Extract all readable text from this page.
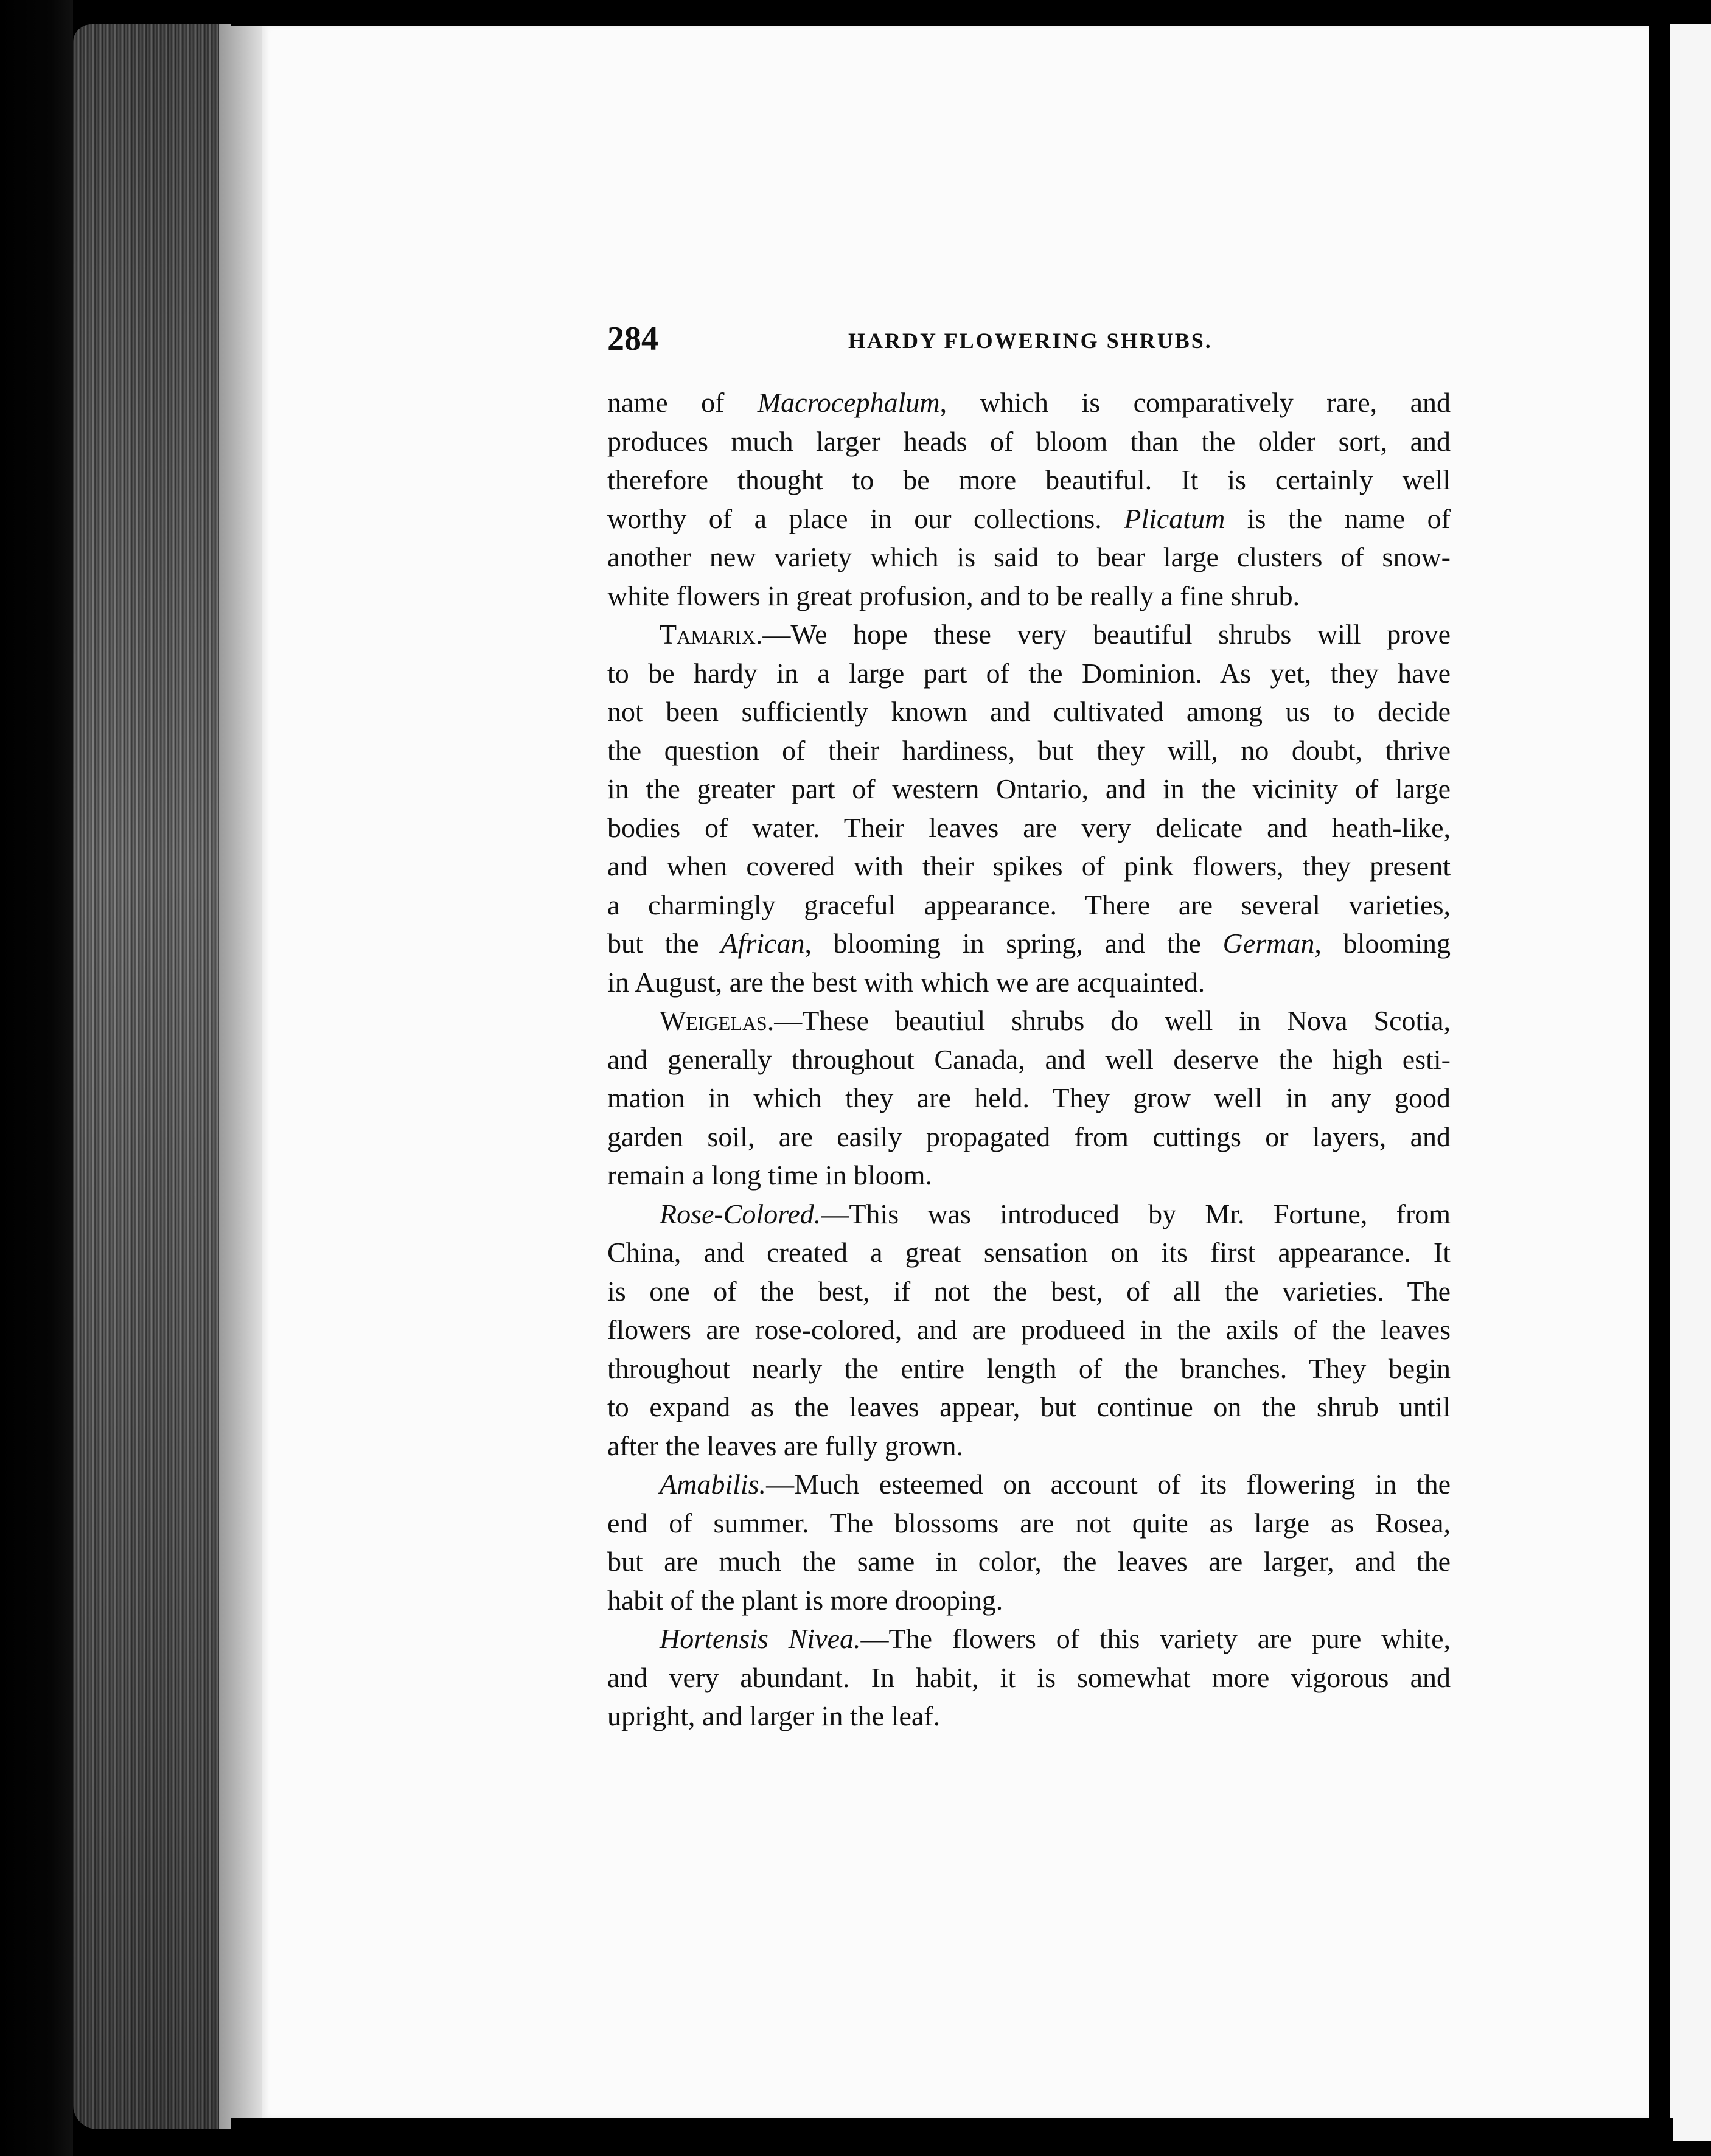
284	HARDY FLOWERING SHRUBS.
name of Macrocephalum, which is comparatively rare, and
produces much larger heads of bloom than the older sort, and
therefore thought to be more beautiful. It is certainly well
worthy of a place in our collections. Plicatum is the name of
another new variety which is said to bear large clusters of snow-
white flowers in great profusion, and to be really a fine shrub.
Tamarix.—We hope these very beautiful shrubs will prove
to be hardy in a large part of the Dominion. As yet, they have
not been sufficiently known and cultivated among us to decide
the question of their hardiness, but they will, no doubt, thrive
in the greater part of western Ontario, and in the vicinity of large
bodies of water. Their leaves are very delicate and heath-like,
and when covered with their spikes of pink flowers, they present
a charmingly graceful appearance. There are several varieties,
but the African, blooming in spring, and the German, blooming
in August, are the best with which we are acquainted.
Weigelas.—These beautiul shrubs do well in Nova Scotia,
and generally throughout Canada, and well deserve the high esti-
mation in which they are held. They grow well in any good
garden soil, are easily propagated from cuttings or layers, and
remain a long time in bloom.
Rose-Colored.—This was introduced by Mr. Fortune, from
China, and created a great sensation on its first appearance. It
is one of the best, if not the best, of all the varieties. The
flowers are rose-colored, and are produeed in the axils of the leaves
throughout nearly the entire length of the branches. They begin
to expand as the leaves appear, but continue on the shrub until
after the leaves are fully grown.
Amabilis.—Much esteemed on account of its flowering in the
end of summer. The blossoms are not quite as large as Rosea,
but are much the same in color, the leaves are larger, and the
habit of the plant is more drooping.
Hortensis Nivea.—The flowers of this variety are pure white,
and very abundant. In habit, it is somewhat more vigorous and
upright, and larger in the leaf.
